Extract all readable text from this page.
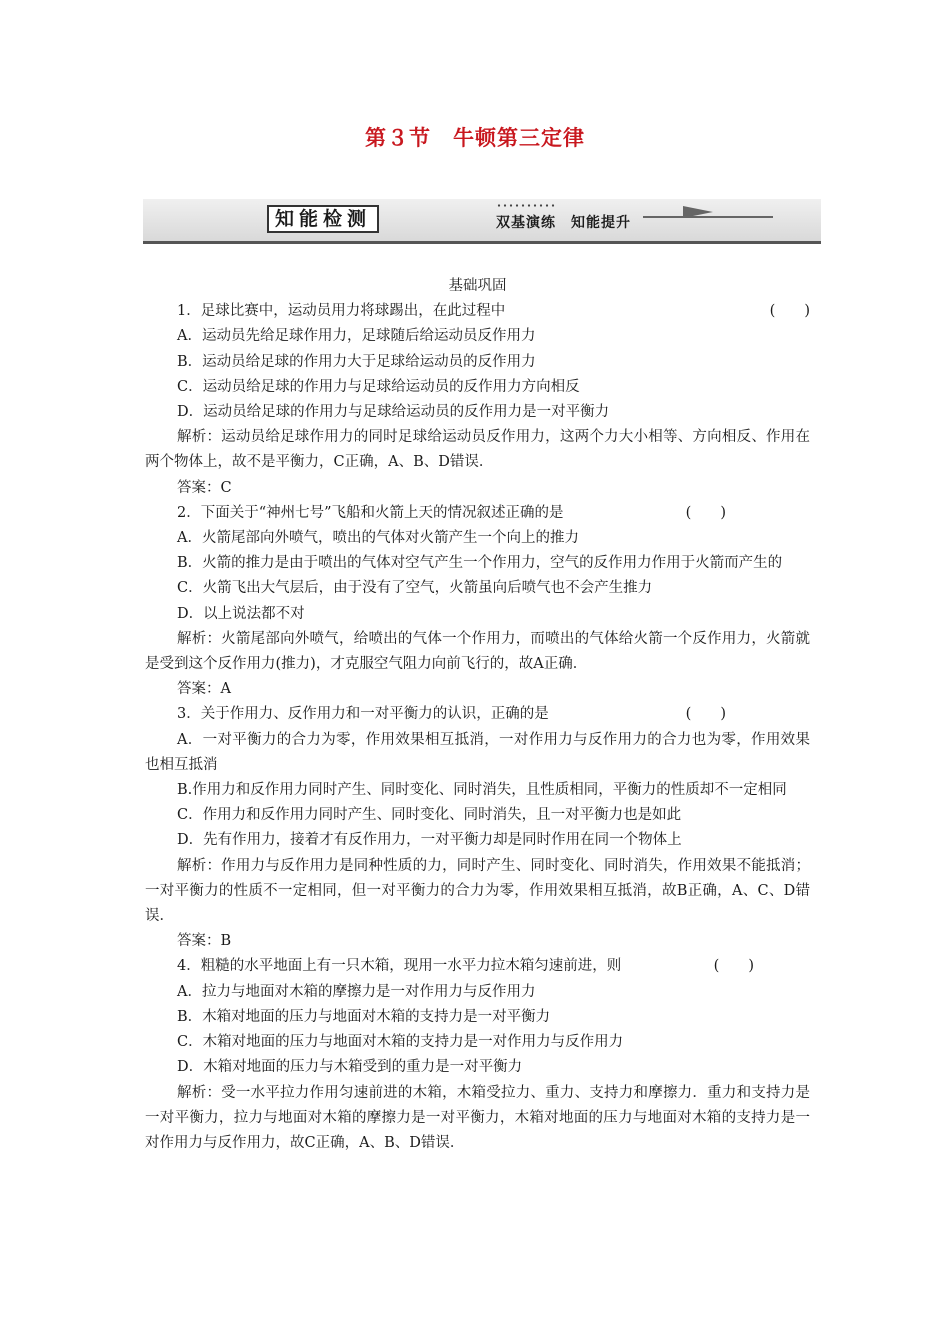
第３节　牛顿第三定律
知能检测	双基演练　知能提升
基础巩固
1．足球比赛中，运动员用力将球踢出，在此过程中	(　　)

A．运动员先给足球作用力，足球随后给运动员反作用力

B．运动员给足球的作用力大于足球给运动员的反作用力

C．运动员给足球的作用力与足球给运动员的反作用力方向相反

D．运动员给足球的作用力与足球给运动员的反作用力是一对平衡力

解析：运动员给足球作用力的同时足球给运动员反作用力，这两个力大小相等、方向相反、作用在两个物体上，故不是平衡力，C正确，A、B、D错误．

答案：C

2．下面关于“神州七号”飞船和火箭上天的情况叙述正确的是	(　　)

A．火箭尾部向外喷气，喷出的气体对火箭产生一个向上的推力

B．火箭的推力是由于喷出的气体对空气产生一个作用力，空气的反作用力作用于火箭而产生的

C．火箭飞出大气层后，由于没有了空气，火箭虽向后喷气也不会产生推力

D．以上说法都不对

解析：火箭尾部向外喷气，给喷出的气体一个作用力，而喷出的气体给火箭一个反作用力，火箭就是受到这个反作用力(推力)，才克服空气阻力向前飞行的，故A正确．

答案：A

3．关于作用力、反作用力和一对平衡力的认识，正确的是	(　　)

A．一对平衡力的合力为零，作用效果相互抵消，一对作用力与反作用力的合力也为零，作用效果也相互抵消

B.作用力和反作用力同时产生、同时变化、同时消失，且性质相同，平衡力的性质却不一定相同

C．作用力和反作用力同时产生、同时变化、同时消失，且一对平衡力也是如此

D．先有作用力，接着才有反作用力，一对平衡力却是同时作用在同一个物体上

解析：作用力与反作用力是同种性质的力，同时产生、同时变化、同时消失，作用效果不能抵消；一对平衡力的性质不一定相同，但一对平衡力的合力为零，作用效果相互抵消，故B正确，A、C、D错误．

答案：B

4．粗糙的水平地面上有一只木箱，现用一水平力拉木箱匀速前进，则	(　　)

A．拉力与地面对木箱的摩擦力是一对作用力与反作用力

B．木箱对地面的压力与地面对木箱的支持力是一对平衡力

C．木箱对地面的压力与地面对木箱的支持力是一对作用力与反作用力

D．木箱对地面的压力与木箱受到的重力是一对平衡力

解析：受一水平拉力作用匀速前进的木箱，木箱受拉力、重力、支持力和摩擦力．重力和支持力是一对平衡力，拉力与地面对木箱的摩擦力是一对平衡力，木箱对地面的压力与地面对木箱的支持力是一对作用力与反作用力，故C正确，A、B、D错误．
